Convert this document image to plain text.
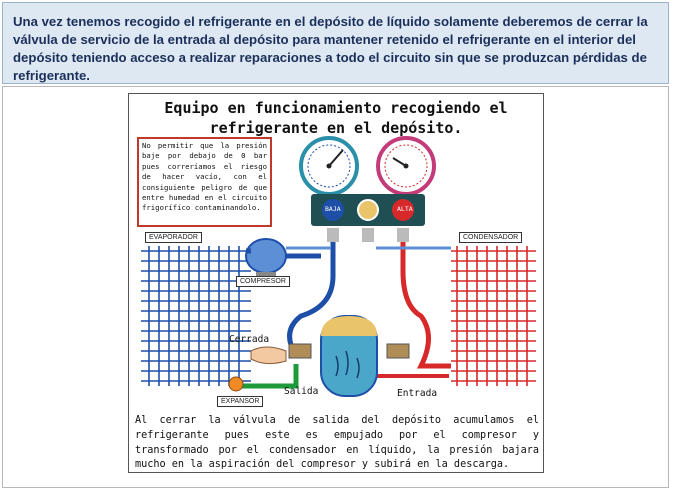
Una vez tenemos recogido el refrigerante en el depósito de líquido solamente deberemos de cerrar la válvula de servicio de la entrada al depósito para mantener retenido el refrigerante en el interior del depósito teniendo acceso a realizar reparaciones a todo el circuito sin que se produzcan pérdidas de refrigerante.

Equipo en funcionamiento recogiendo el
refrigerante en el depósito.
No permitir que la presión baje por debajo de 0 bar pues correríamos el riesgo de hacer vacío, con el consiguiente peligro de que entre humedad en el circuito frigorífico contaminandolo.
EVAPORADOR	CONDENSADOR
COMPRESOR
EXPANSOR
BAJA	ALTA
Cerrada
Salida	Entrada
Al cerrar la válvula de salida del depósito acumulamos el refrigerante pues este es empujado por el compresor y transformado por el condensador en líquido, la presión bajara mucho en la aspiración del compresor y subirá en la descarga.
